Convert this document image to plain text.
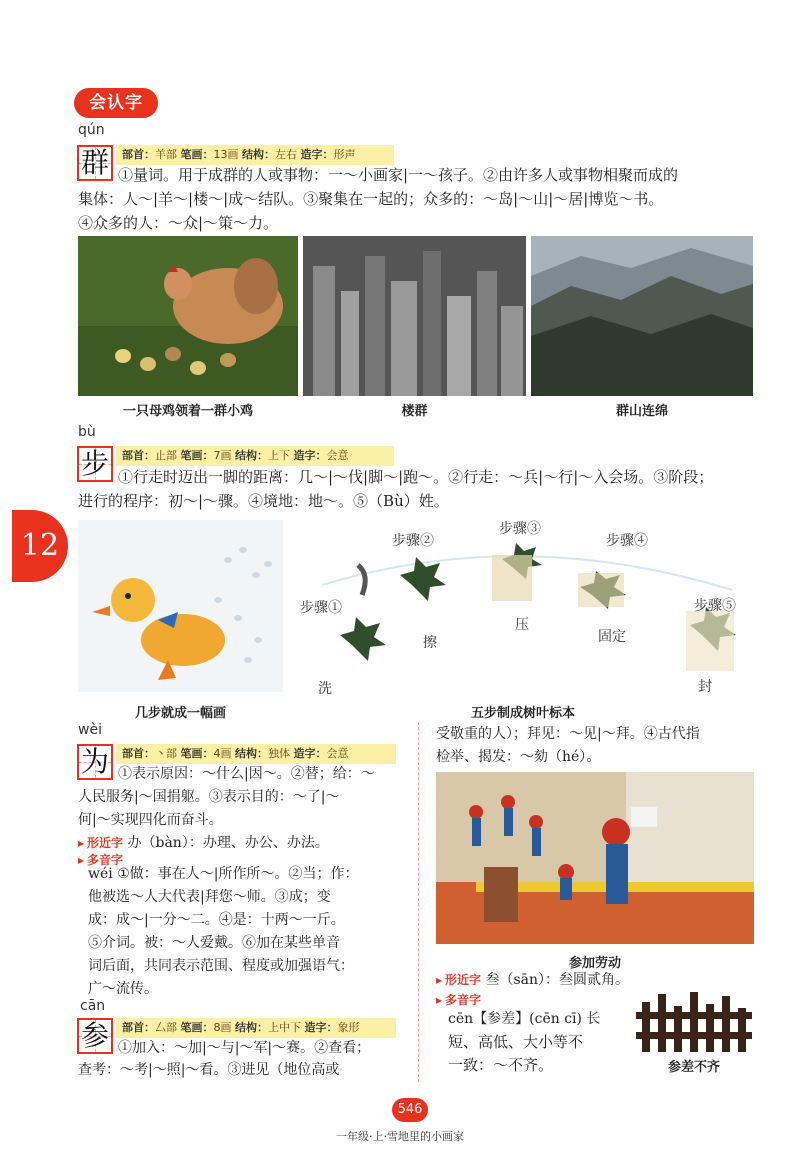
会认字
qún
群	部首：羊部 笔画：13画 结构：左右 造字：形声
①量词。用于成群的人或事物：一～小画家|一～孩子。②由许多人或事物相聚而成的
集体：人～|羊～|楼～|成～结队。③聚集在一起的；众多的：～岛|～山|～居|博览～书。
④众多的人：～众|～策～力。
一只母鸡领着一群小鸡	楼群	群山连绵
bù
步	部首：止部 笔画：7画 结构：上下 造字：会意
①行走时迈出一脚的距离：几～|～伐|脚～|跑～。②行走：～兵|～行|～入会场。③阶段；
进行的程序：初～|～骤。④境地：地～。⑤（Bù）姓。
12
几步就成一幅画
步骤①
步骤②
步骤③
步骤④
步骤⑤
洗
擦
压
固定
封
五步制成树叶标本
wèi
为	部首：丶部 笔画：4画 结构：独体 造字：会意
①表示原因：～什么|因～。②替；给：～
人民服务|～国捐躯。③表示目的：～了|～
何|～实现四化而奋斗。
▸ 形近字 办（bàn）：办理、办公、办法。
▸ 多音字
wéi ①做：事在人～|所作所～。②当；作：
他被选～人大代表|拜您～师。③成；变
成：成～|一分～二。④是：十两～一斤。
⑤介词。被：～人爱戴。⑥加在某些单音
词后面，共同表示范围、程度或加强语气：
广～流传。
cān
参	部首：厶部 笔画：8画 结构：上中下 造字：象形
①加入：～加|～与|～军|～赛。②查看；
查考：～考|～照|～看。③进见（地位高或
受敬重的人）；拜见：～见|～拜。④古代指
检举、揭发：～劾（hé）。
参加劳动
▸ 形近字 叁（sān）：叁圆贰角。
▸ 多音字
cēn【参差】(cēn cī) 长
短、高低、大小等不
一致：～不齐。	参差不齐
546
一年级·上·雪地里的小画家
